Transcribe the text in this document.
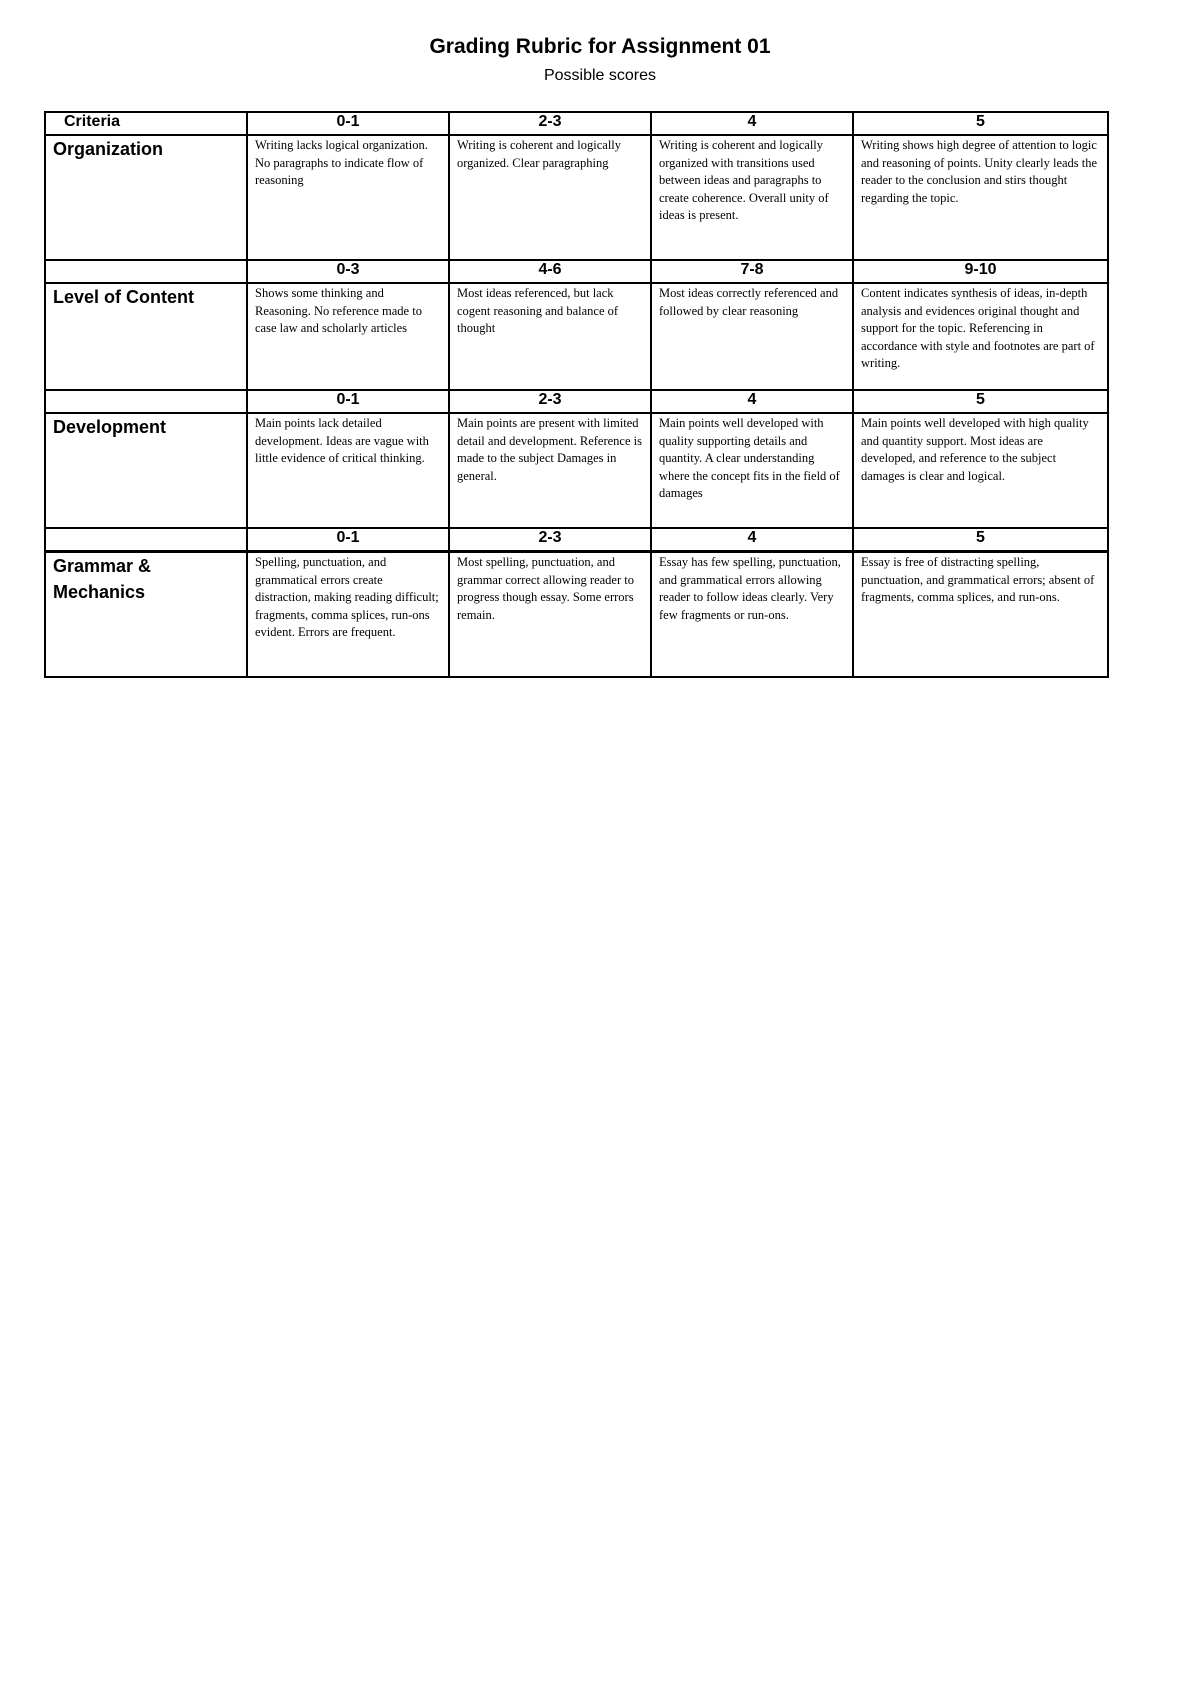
Grading Rubric for Assignment 01
Possible scores
Criteria	0-1	2-3	4	5
Organization	Writing lacks logical organization. No paragraphs to indicate flow of reasoning	Writing is coherent and logically organized. Clear paragraphing	Writing is coherent and logically organized with transitions used between ideas and paragraphs to create coherence. Overall unity of ideas is present.	Writing shows high degree of attention to logic and reasoning of points. Unity clearly leads the reader to the conclusion and stirs thought regarding the topic.
	0-3	4-6	7-8	9-10
Level of Content	Shows some thinking and Reasoning. No reference made to case law and scholarly articles	Most ideas referenced, but lack cogent reasoning and balance of thought	Most ideas correctly referenced and followed by clear reasoning	Content indicates synthesis of ideas, in-depth analysis and evidences original thought and support for the topic. Referencing in accordance with style and footnotes are part of writing.
	0-1	2-3	4	5
Development	Main points lack detailed development. Ideas are vague with little evidence of critical thinking.	Main points are present with limited detail and development. Reference is made to the subject Damages in general.	Main points well developed with quality supporting details and quantity. A clear understanding where the concept fits in the field of damages	Main points well developed with high quality and quantity support. Most ideas are developed, and reference to the subject damages is clear and logical.
	0-1	2-3	4	5
Grammar & Mechanics	Spelling, punctuation, and grammatical errors create distraction, making reading difficult; fragments, comma splices, run-ons evident. Errors are frequent.	Most spelling, punctuation, and grammar correct allowing reader to progress though essay. Some errors remain.	Essay has few spelling, punctuation, and grammatical errors allowing reader to follow ideas clearly. Very few fragments or run-ons.	Essay is free of distracting spelling, punctuation, and grammatical errors; absent of fragments, comma splices, and run-ons.
